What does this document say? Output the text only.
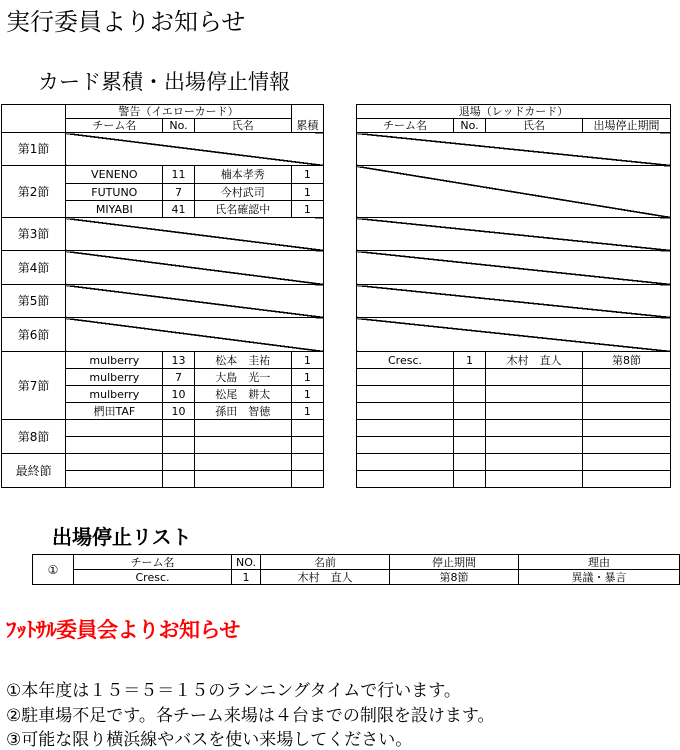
実行委員よりお知らせ
カード累積・出場停止情報
	警告（イエローカード）			
	チーム名	No.	氏名	累積
第1節				
第2節	VENENO	11	楠本孝秀	1
	FUTUNO	7	今村武司	1
	MIYABI	41	氏名確認中	1
第3節				
第4節				
第5節				
第6節				
第7節	mulberry	13	松本　圭祐	1
	mulberry	7	大島　光一	1
	mulberry	10	松尾　耕太	1
	椚田TAF	10	孫田　智徳	1
第8節				

最終節				

退場（レッドカード）			
チーム名	No.	氏名	出場停止期間

Cresc.	1	木村　直人	第8節

出場停止リスト
①	チーム名	NO.	名前	停止期間	理由
	Cresc.	1	木村　直人	第8節	異議・暴言
ﾌｯﾄｻﾙ委員会よりお知らせ
①本年度は１５＝５＝１５のランニングタイムで行います。
②駐車場不足です。各チーム来場は４台までの制限を設けます。
③可能な限り横浜線やバスを使い来場してください。
